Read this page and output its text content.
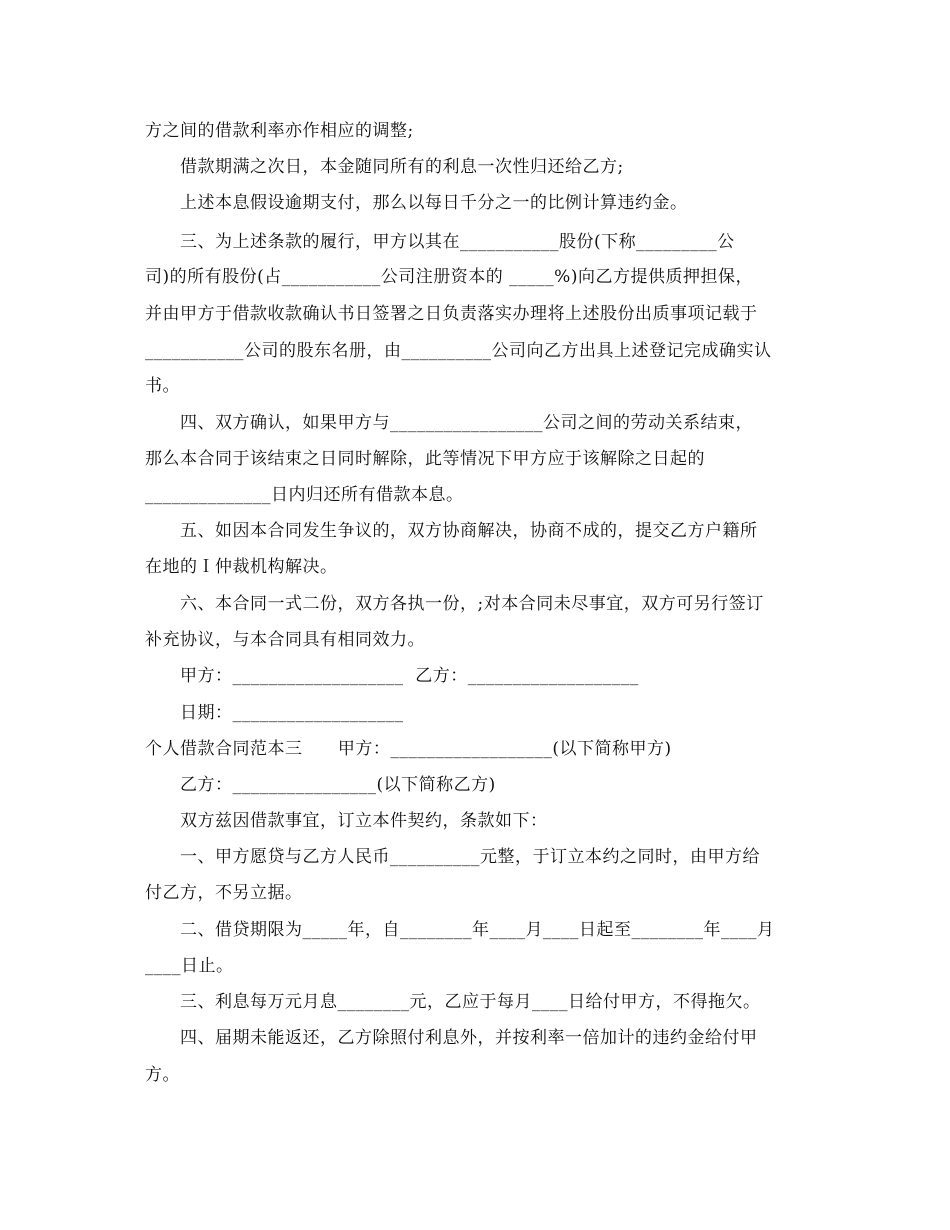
方之间的借款利率亦作相应的调整;
借款期满之次日，本金随同所有的利息一次性归还给乙方;
上述本息假设逾期支付，那么以每日千分之一的比例计算违约金。
三、为上述条款的履行，甲方以其在___________股份(下称_________公
司)的所有股份(占___________公司注册资本的 _____%)向乙方提供质押担保，
并由甲方于借款收款确认书日签署之日负责落实办理将上述股份出质事项记载于
___________公司的股东名册，由__________公司向乙方出具上述登记完成确实认
书。
四、双方确认，如果甲方与_________________公司之间的劳动关系结束，
那么本合同于该结束之日同时解除，此等情况下甲方应于该解除之日起的
______________日内归还所有借款本息。
五、如因本合同发生争议的，双方协商解决，协商不成的，提交乙方户籍所
在地的Ｉ仲裁机构解决。
六、本合同一式二份，双方各执一份，;对本合同未尽事宜，双方可另行签订
补充协议，与本合同具有相同效力。
甲方：___________________  乙方：___________________
日期：___________________
个人借款合同范本三      甲方：__________________(以下简称甲方)
乙方：________________(以下简称乙方)
双方兹因借款事宜，订立本件契约，条款如下：
一、甲方愿贷与乙方人民币__________元整，于订立本约之同时，由甲方给
付乙方，不另立据。
二、借贷期限为_____年，自________年____月____日起至________年____月
____日止。
三、利息每万元月息________元，乙应于每月____日给付甲方，不得拖欠。
四、届期未能返还，乙方除照付利息外，并按利率一倍加计的违约金给付甲
方。
